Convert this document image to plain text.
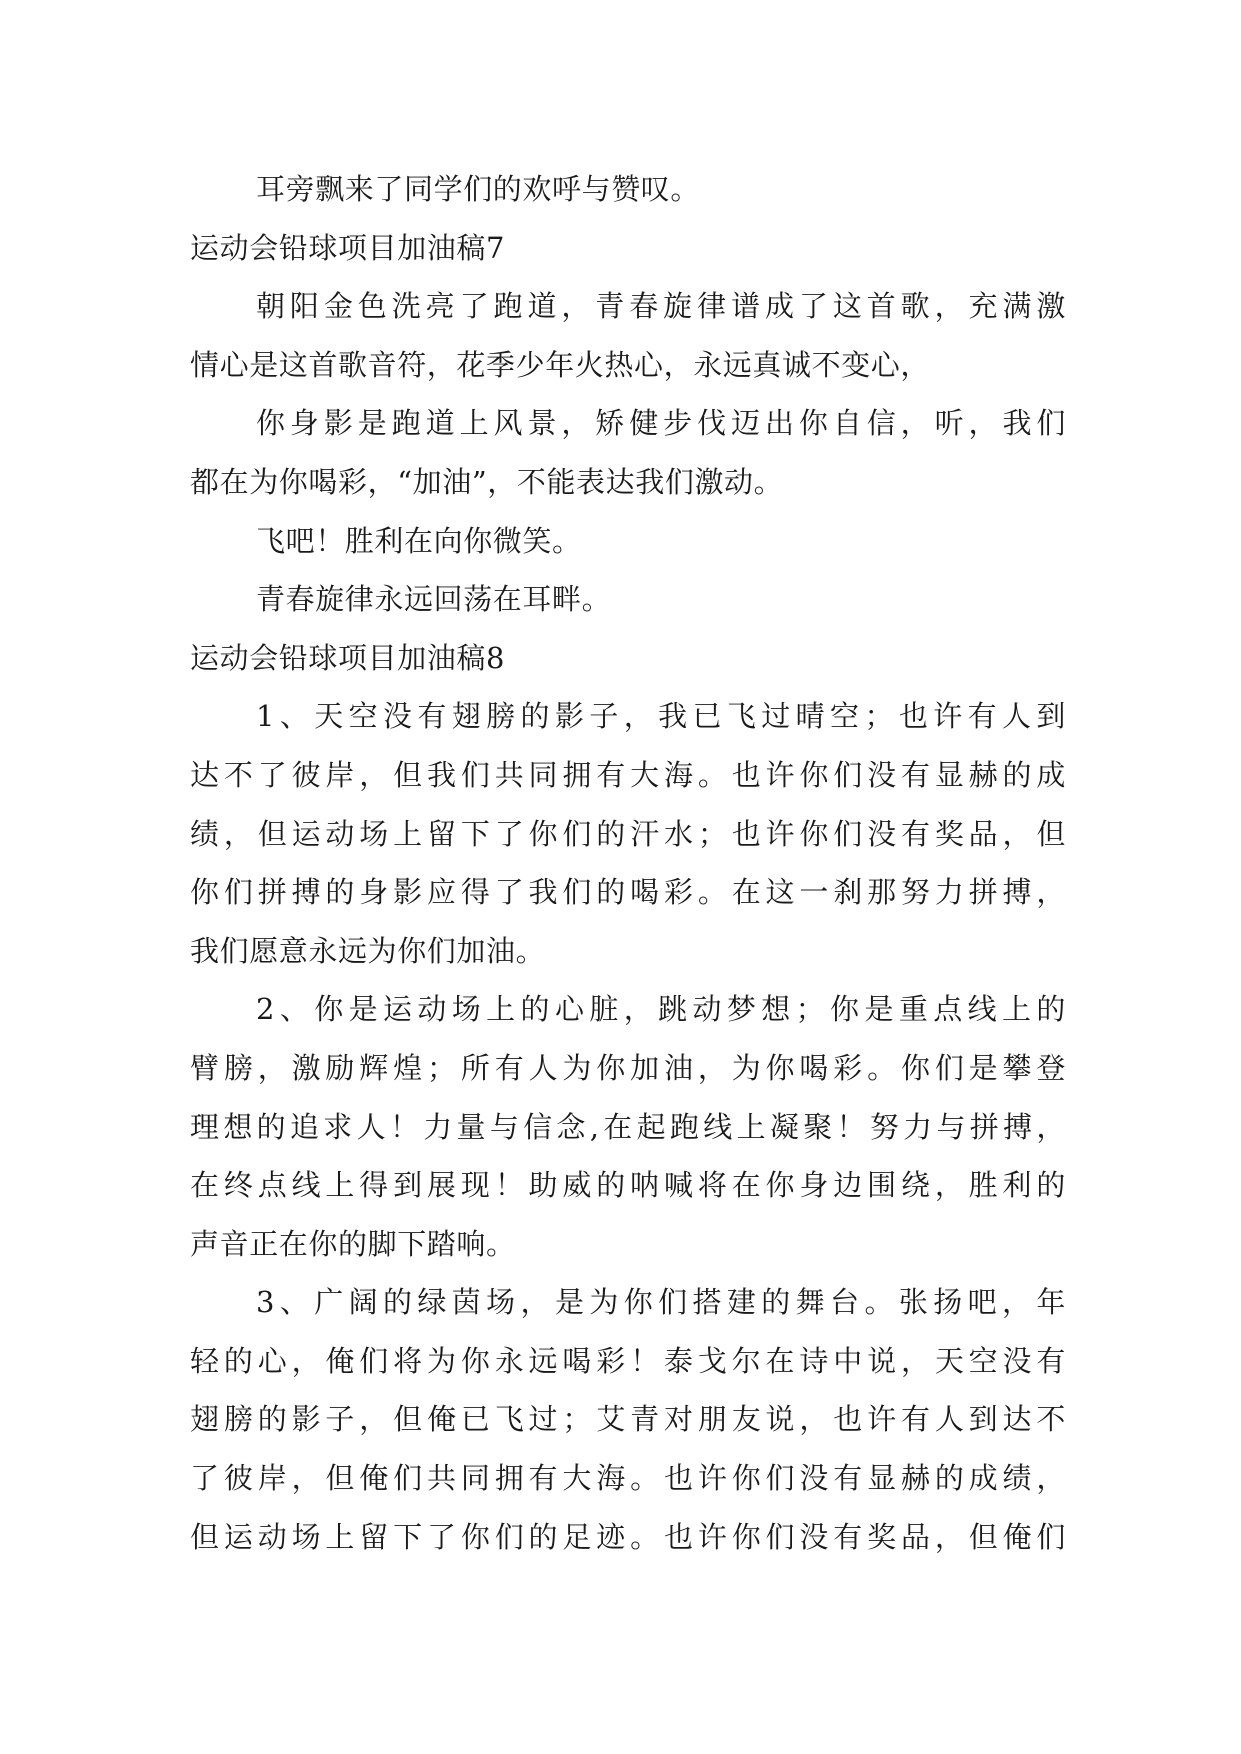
耳旁飘来了同学们的欢呼与赞叹。

运动会铅球项目加油稿7

朝阳金色洗亮了跑道，青春旋律谱成了这首歌，充满激
情心是这首歌音符，花季少年火热心，永远真诚不变心，

你身影是跑道上风景，矫健步伐迈出你自信，听，我们
都在为你喝彩，“加油”，不能表达我们激动。

飞吧！胜利在向你微笑。

青春旋律永远回荡在耳畔。

运动会铅球项目加油稿8

1、天空没有翅膀的影子，我已飞过晴空；也许有人到
达不了彼岸，但我们共同拥有大海。也许你们没有显赫的成
绩，但运动场上留下了你们的汗水；也许你们没有奖品，但
你们拼搏的身影应得了我们的喝彩。在这一刹那努力拼搏，
我们愿意永远为你们加油。

2、你是运动场上的心脏，跳动梦想；你是重点线上的
臂膀，激励辉煌；所有人为你加油，为你喝彩。你们是攀登
理想的追求人！力量与信念,在起跑线上凝聚！努力与拼搏，
在终点线上得到展现！助威的呐喊将在你身边围绕，胜利的
声音正在你的脚下踏响。

3、广阔的绿茵场，是为你们搭建的舞台。张扬吧，年
轻的心，俺们将为你永远喝彩！泰戈尔在诗中说，天空没有
翅膀的影子，但俺已飞过；艾青对朋友说，也许有人到达不
了彼岸，但俺们共同拥有大海。也许你们没有显赫的成绩，
但运动场上留下了你们的足迹。也许你们没有奖品，但俺们
